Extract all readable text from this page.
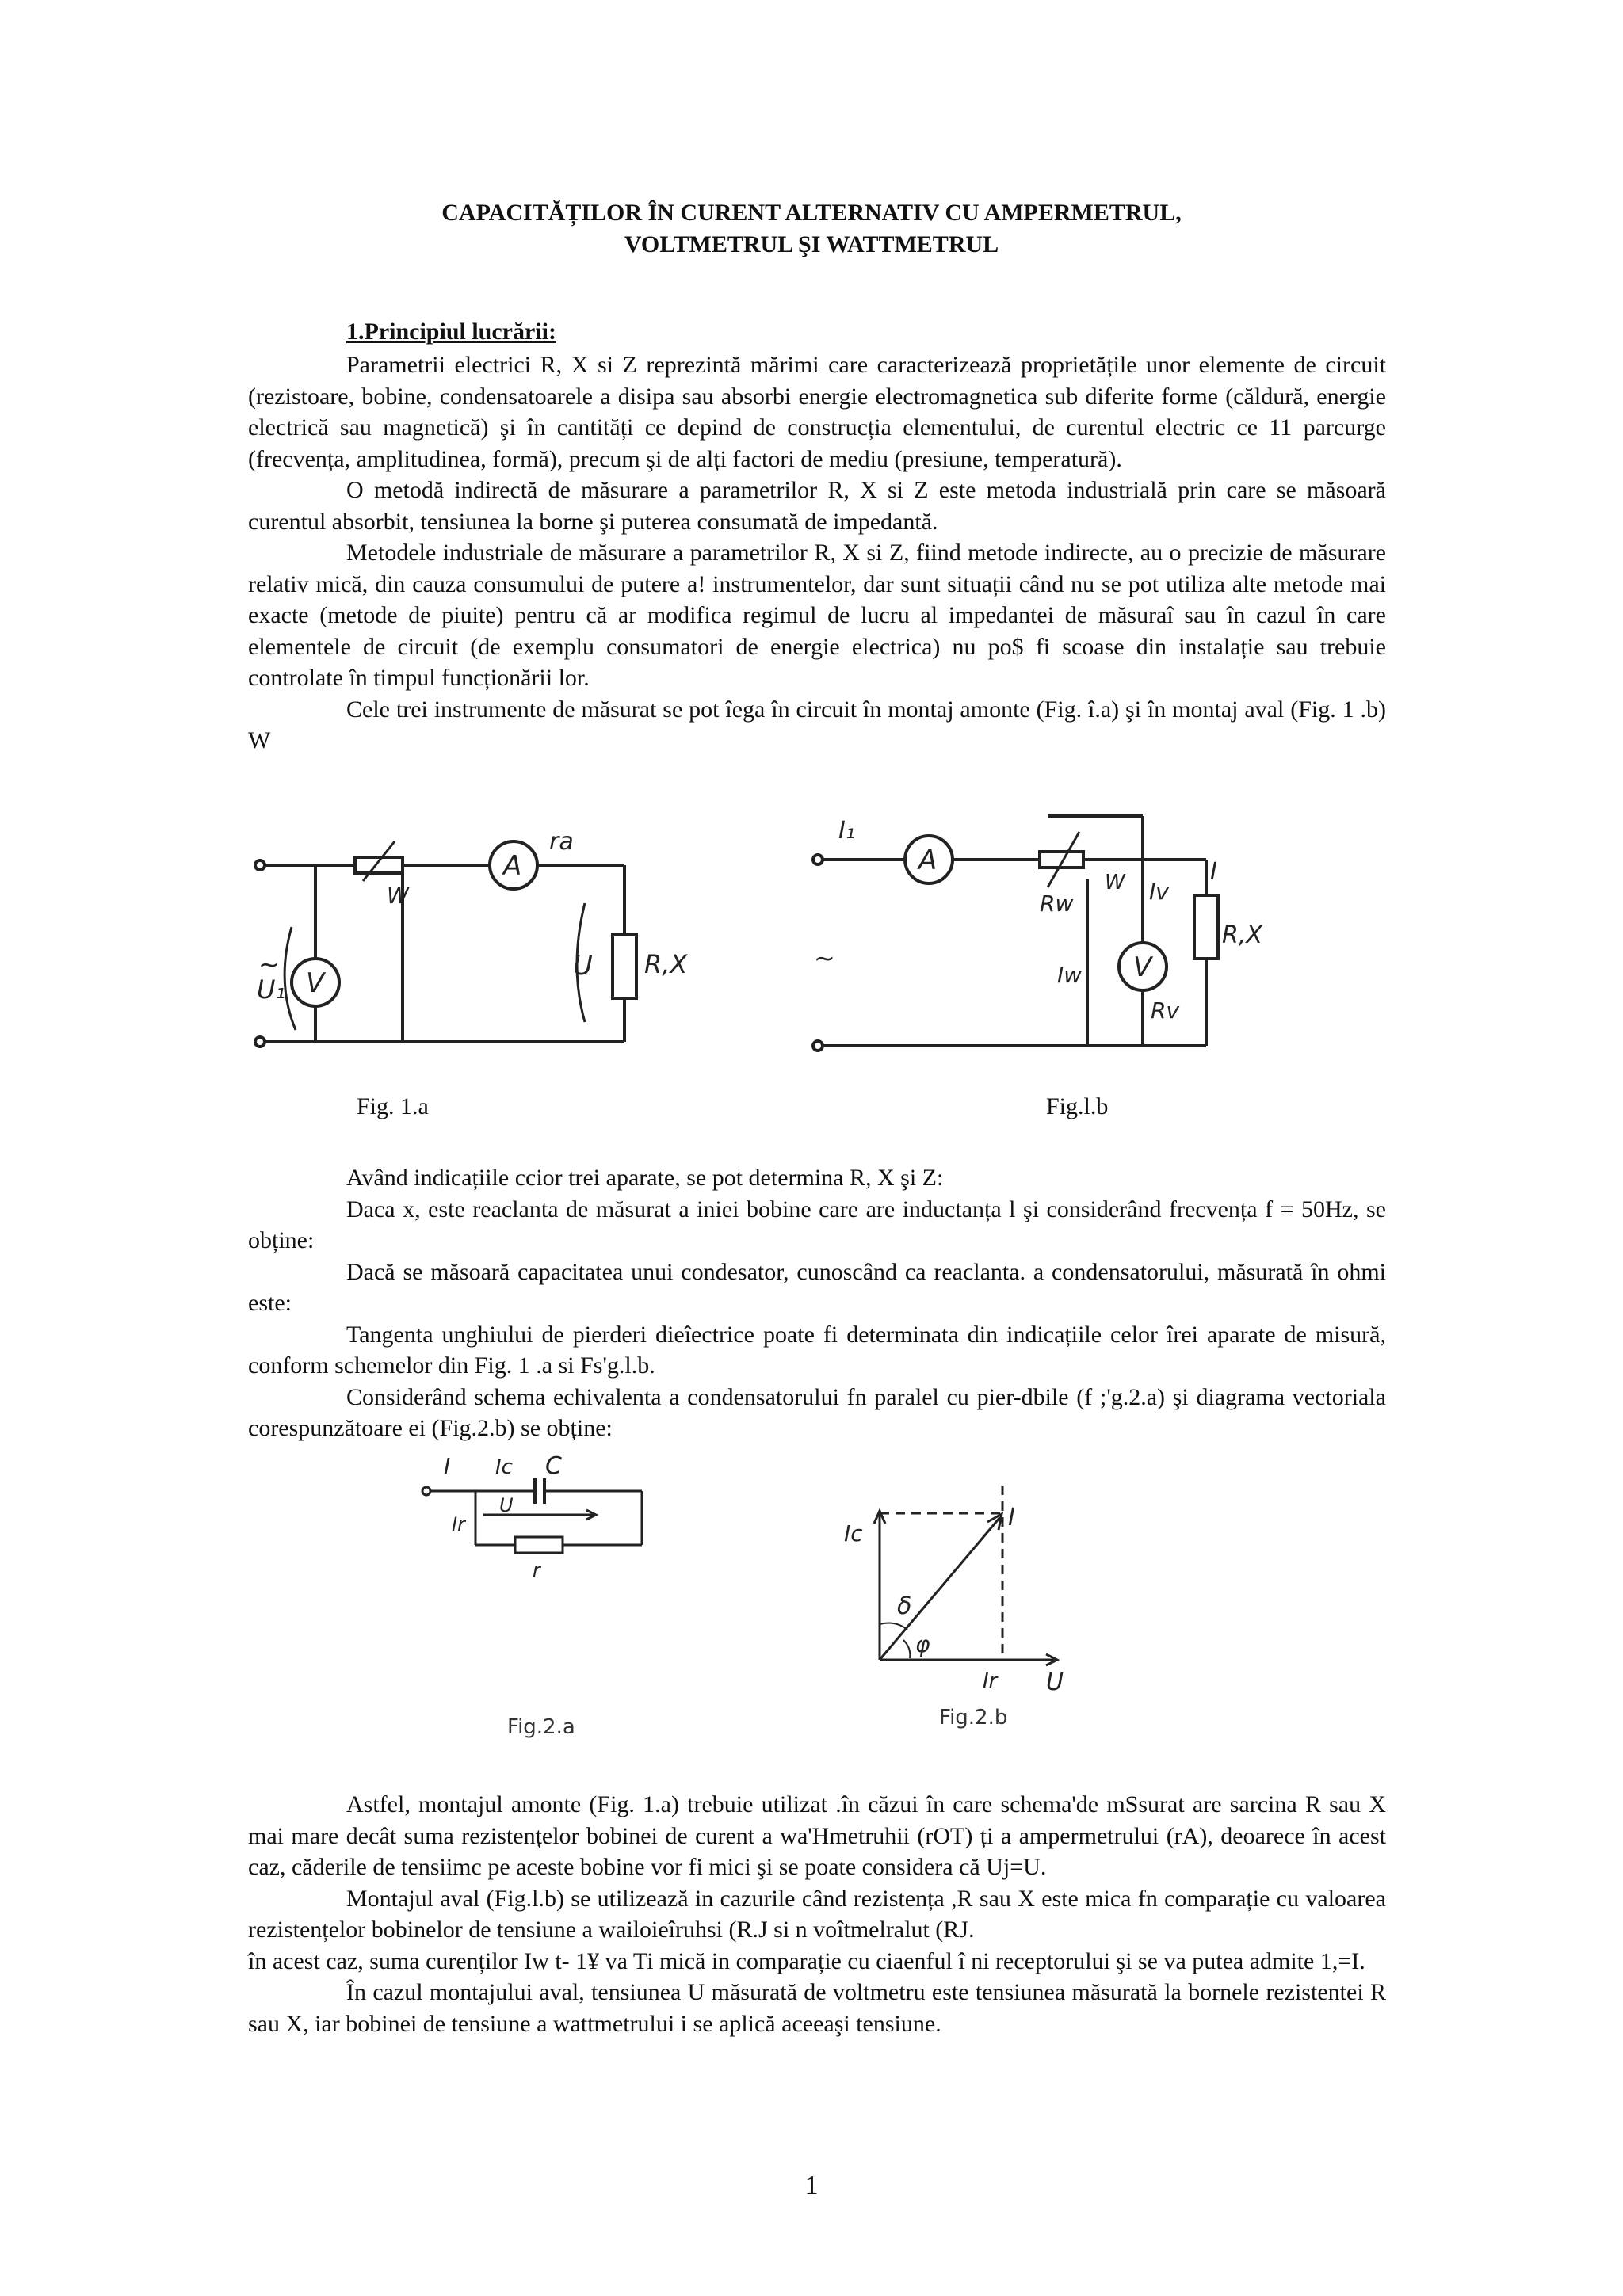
CAPACITĂȚILOR ÎN CURENT ALTERNATIV CU AMPERMETRUL,
VOLTMETRUL ŞI WATTMETRUL
1.Principiul lucrării:

Parametrii electrici R, X si Z reprezintă mărimi care caracterizează proprietățile unor elemente de circuit (rezistoare, bobine, condensatoarele a disipa sau absorbi energie electromagnetica sub diferite forme (căldură, energie electrică sau magnetică) şi în cantități ce depind de construcția elementului, de curentul electric ce 11 parcurge (frecvența, amplitudinea, formă), precum şi de alți factori de mediu (presiune, temperatură).

O metodă indirectă de măsurare a parametrilor R, X si Z este metoda industrială prin care se măsoară curentul absorbit, tensiunea la borne şi puterea consumată de impedantă.

Metodele industriale de măsurare a parametrilor R, X si Z, fiind metode indirecte, au o precizie de măsurare relativ mică, din cauza consumului de putere a! instrumentelor, dar sunt situații când nu se pot utiliza alte metode mai exacte (metode de piuite) pentru că ar modifica regimul de lucru al impedantei de măsuraî sau în cazul în care elementele de circuit (de exemplu consumatori de energie electrica) nu po$ fi scoase din instalație sau trebuie controlate în timpul funcționării lor.

Cele trei instrumente de măsurat se pot îega în circuit în montaj amonte (Fig. î.a) şi în montaj aval (Fig. 1 .b) W

V
A
W
ra
U
U₁
~	R,X
A
V
W
I₁
Rw	Iv
I
Iw
Rv
~
R,X
Fig. 1.a	Fig.l.b

Având indicațiile ccior trei aparate, se pot determina R, X şi Z:

Daca x, este reaclanta de măsurat a iniei bobine care are inductanța l şi considerând frecvența f = 50Hz, se obține:

Dacă se măsoară capacitatea unui condesator, cunoscând ca reaclanta. a condensatorului, măsurată în ohmi este:

Tangenta unghiului de pierderi dieîectrice poate fi determinata din indicațiile celor îrei aparate de misură, conform schemelor din Fig. 1 .a si Fs'g.l.b.

Considerând schema echivalenta a condensatorului fn paralel cu pier-dbile (f ;'g.2.a) şi diagrama vectoriala corespunzătoare ei (Fig.2.b) se obține:

I Ic C
U
Ir
r
Ic
I
δ
φ
Ir U
Fig.2.a	Fig.2.b

Astfel, montajul amonte (Fig. 1.a) trebuie utilizat .în căzui în care schema'de mSsurat are sarcina R sau X mai mare decât suma rezistențelor bobinei de curent a wa'Hmetruhii (rOT) ți a ampermetrului (rA), deoarece în acest caz, căderile de tensiimc pe aceste bobine vor fi mici şi se poate considera că Uj=U.

Montajul aval (Fig.l.b) se utilizează in cazurile când rezistența ,R sau X este mica fn comparație cu valoarea rezistențelor bobinelor de tensiune a wailoieîruhsi (R.J si n voîtmelralut (RJ.

în acest caz, suma curenților Iw t- 1¥ va Ti mică in comparație cu ciaenful î ni receptorului şi se va putea admite 1,=I.

În cazul montajului aval, tensiunea U măsurată de voltmetru este tensiunea măsurată la bornele rezistentei R sau X, iar bobinei de tensiune a wattmetrului i se aplică aceeaşi tensiune.

1
